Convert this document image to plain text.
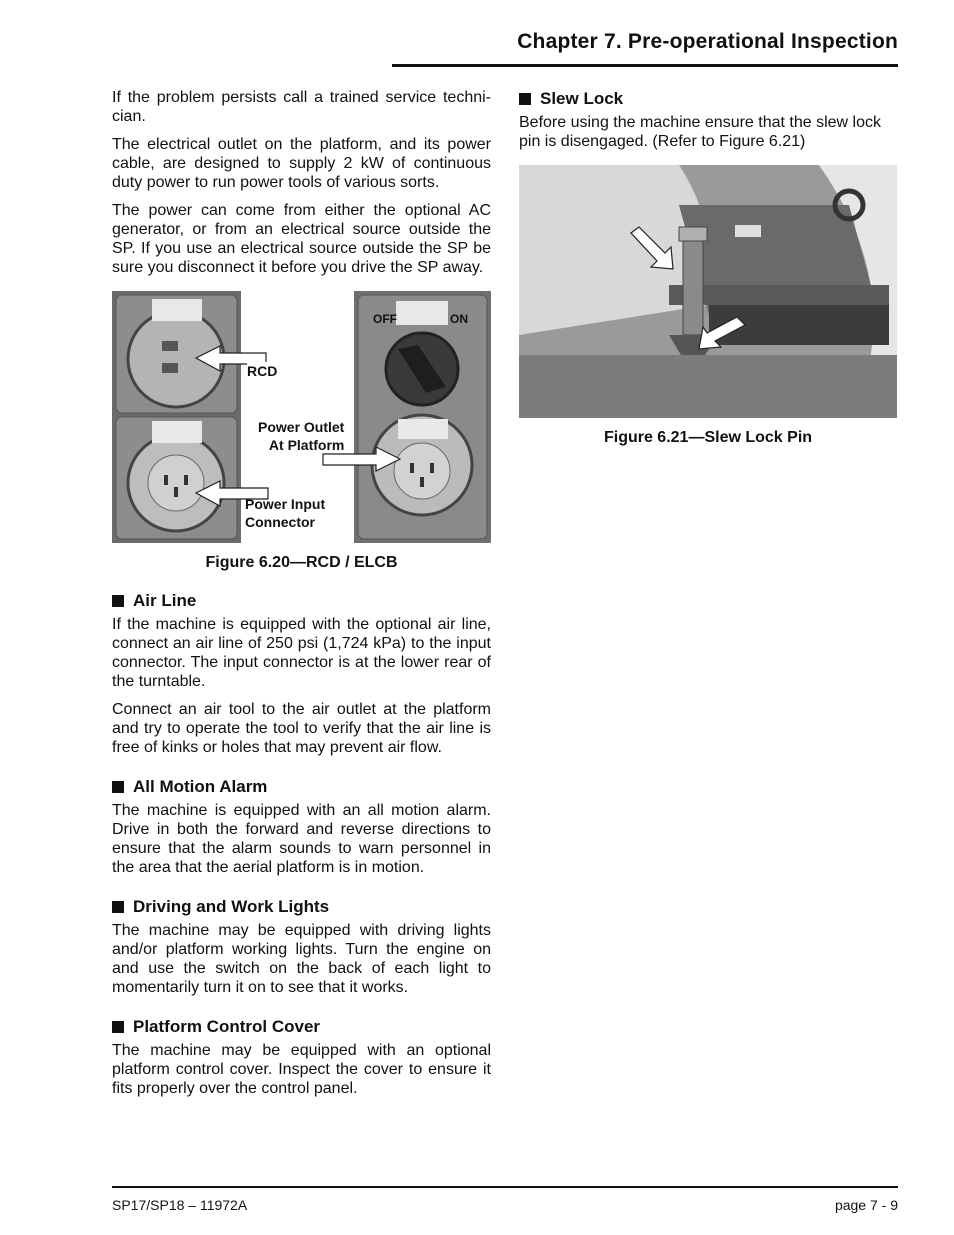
Chapter 7. Pre-operational Inspection

If the problem persists call a trained service techni-cian.

The electrical outlet on the platform, and its power cable, are designed to supply 2 kW of continuous duty power to run power tools of various sorts.

The power can come from either the optional AC generator, or from an electrical source outside the SP. If you use an electrical source outside the SP be sure you disconnect it before you drive the SP away.

OFF	ON
RCD
Power Outlet
At Platform
Power Input
Connector
Figure 6.20—RCD / ELCB
Air Line

If the machine is equipped with the optional air line, connect an air line of 250 psi (1,724 kPa) to the input connector. The input connector is at the lower rear of the turntable.

Connect an air tool to the air outlet at the platform and try to operate the tool to verify that the air line is free of kinks or holes that may prevent air flow.

All Motion Alarm

The machine is equipped with an all motion alarm. Drive in both the forward and reverse directions to ensure that the alarm sounds to warn personnel in the area that the aerial platform is in motion.

Driving and Work Lights

The machine may be equipped with driving lights and/or platform working lights. Turn the engine on and use the switch on the back of each light to momentarily turn it on to see that it works.

Platform Control Cover

The machine may be equipped with an optional platform control cover. Inspect the cover to ensure it fits properly over the control panel.

Slew Lock

Before using the machine ensure that the slew lock pin is disengaged. (Refer to Figure 6.21)

Figure 6.21—Slew Lock Pin
SP17/SP18 – 11972A	page 7 - 9
